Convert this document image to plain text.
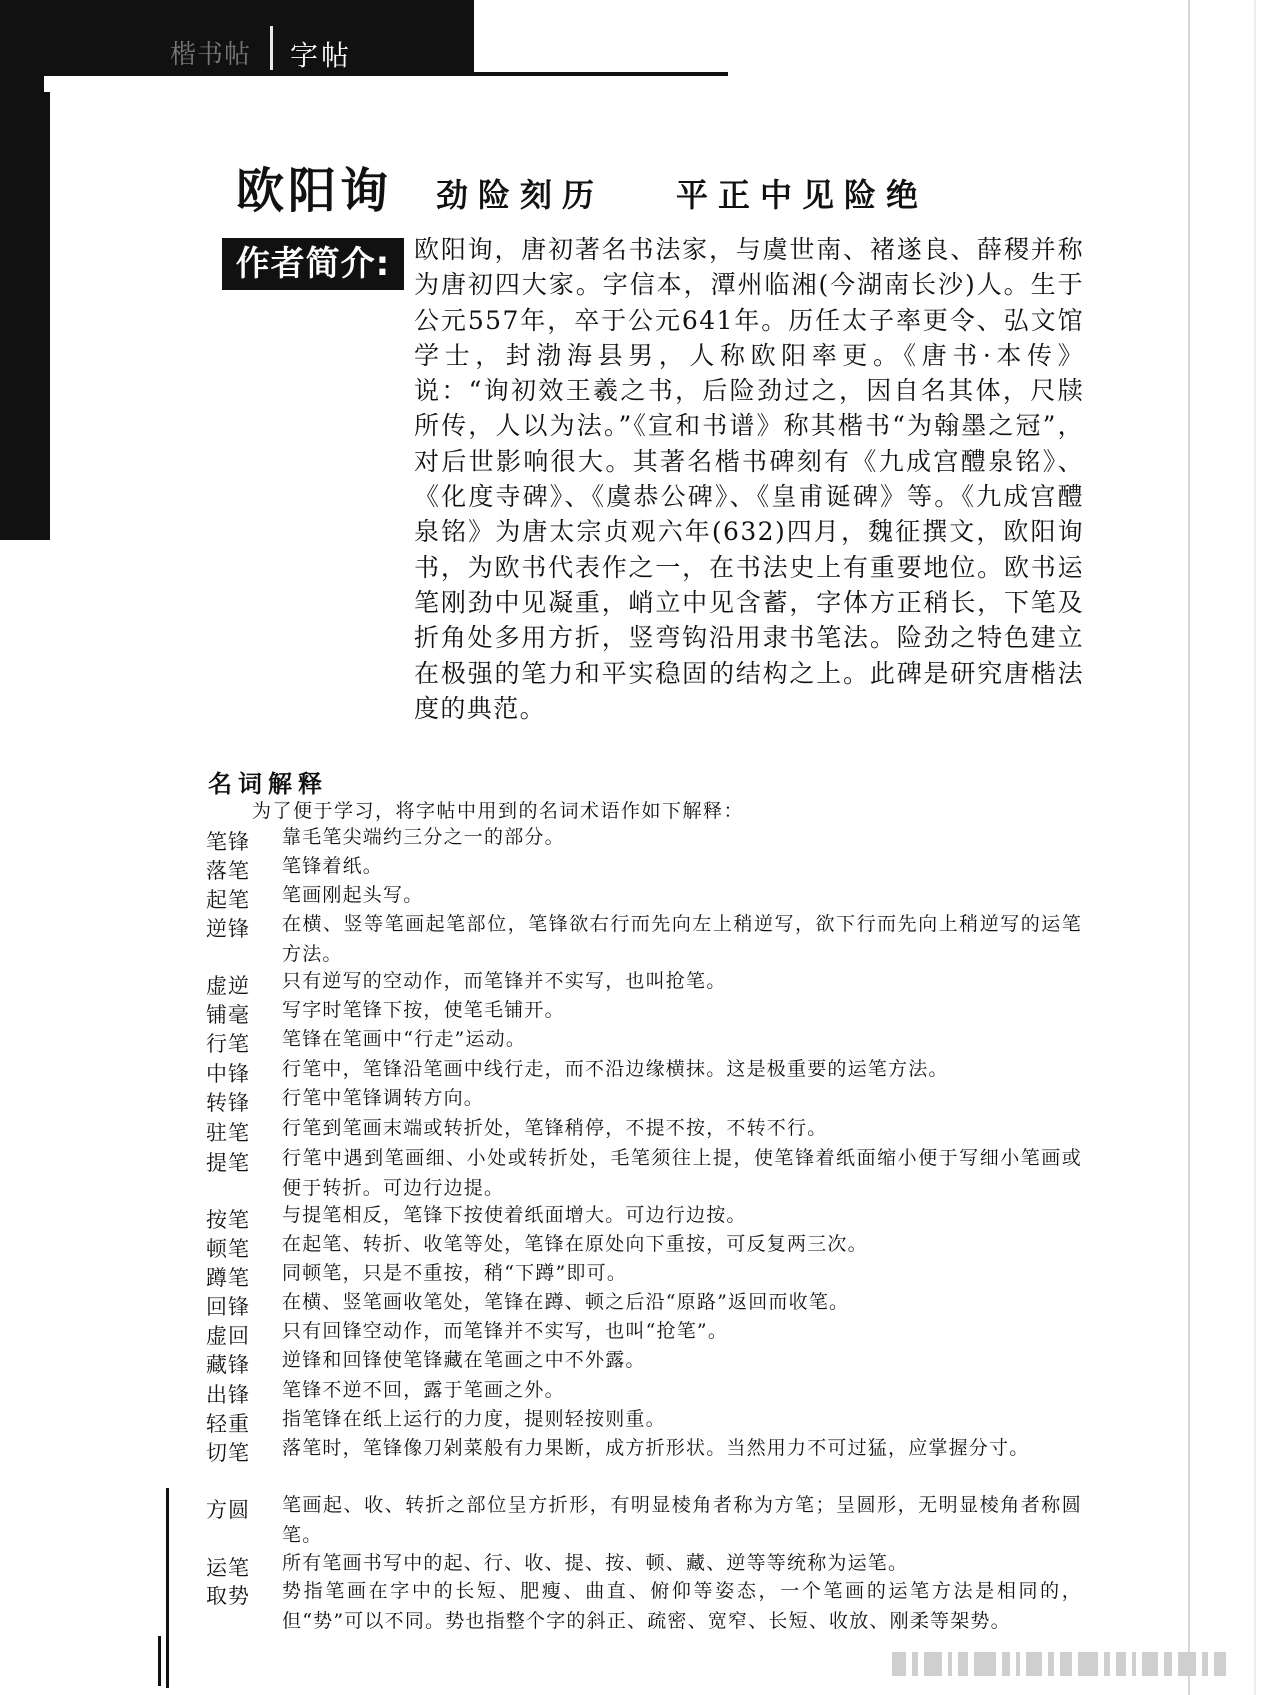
楷书帖 字帖
欧阳询 劲险刻历 平正中见险绝
作者简介: 欧阳询，唐初著名书法家，与虞世南、褚遂良、薛稷并称为唐初四大家。字信本，潭州临湘(今湖南长沙)人。生于公元557年，卒于公元641年。历任太子率更令、弘文馆学士，封渤海县男，人称欧阳率更。《唐书·本传》说：“询初效王羲之书，后险劲过之，因自名其体，尺牍所传，人以为法。”《宣和书谱》称其楷书“为翰墨之冠”，对后世影响很大。其著名楷书碑刻有《九成宫醴泉铭》、《化度寺碑》、《虞恭公碑》、《皇甫诞碑》等。《九成宫醴泉铭》为唐太宗贞观六年(632)四月，魏征撰文，欧阳询书，为欧书代表作之一，在书法史上有重要地位。欧书运笔刚劲中见凝重，峭立中见含蓄，字体方正稍长，下笔及折角处多用方折，竖弯钩沿用隶书笔法。险劲之特色建立在极强的笔力和平实稳固的结构之上。此碑是研究唐楷法度的典范。
名词解释
为了便于学习，将字帖中用到的名词术语作如下解释：
笔锋	靠毛笔尖端约三分之一的部分。
落笔	笔锋着纸。
起笔	笔画刚起头写。
逆锋	在横、竖等笔画起笔部位，笔锋欲右行而先向左上稍逆写，欲下行而先向上稍逆写的运笔方法。
虚逆	只有逆写的空动作，而笔锋并不实写，也叫抢笔。
铺毫	写字时笔锋下按，使笔毛铺开。
行笔	笔锋在笔画中“行走”运动。
中锋	行笔中，笔锋沿笔画中线行走，而不沿边缘横抹。这是极重要的运笔方法。
转锋	行笔中笔锋调转方向。
驻笔	行笔到笔画末端或转折处，笔锋稍停，不提不按，不转不行。
提笔	行笔中遇到笔画细、小处或转折处，毛笔须往上提，使笔锋着纸面缩小便于写细小笔画或便于转折。可边行边提。
按笔	与提笔相反，笔锋下按使着纸面增大。可边行边按。
顿笔	在起笔、转折、收笔等处，笔锋在原处向下重按，可反复两三次。
蹲笔	同顿笔，只是不重按，稍“下蹲”即可。
回锋	在横、竖笔画收笔处，笔锋在蹲、顿之后沿“原路”返回而收笔。
虚回	只有回锋空动作，而笔锋并不实写，也叫“抢笔”。
藏锋	逆锋和回锋使笔锋藏在笔画之中不外露。
出锋	笔锋不逆不回，露于笔画之外。
轻重	指笔锋在纸上运行的力度，提则轻按则重。
切笔	落笔时，笔锋像刀剁菜般有力果断，成方折形状。当然用力不可过猛，应掌握分寸。
方圆	笔画起、收、转折之部位呈方折形，有明显棱角者称为方笔；呈圆形，无明显棱角者称圆笔。
运笔	所有笔画书写中的起、行、收、提、按、顿、藏、逆等等统称为运笔。
取势	势指笔画在字中的长短、肥瘦、曲直、俯仰等姿态，一个笔画的运笔方法是相同的，但“势”可以不同。势也指整个字的斜正、疏密、宽窄、长短、收放、刚柔等架势。
